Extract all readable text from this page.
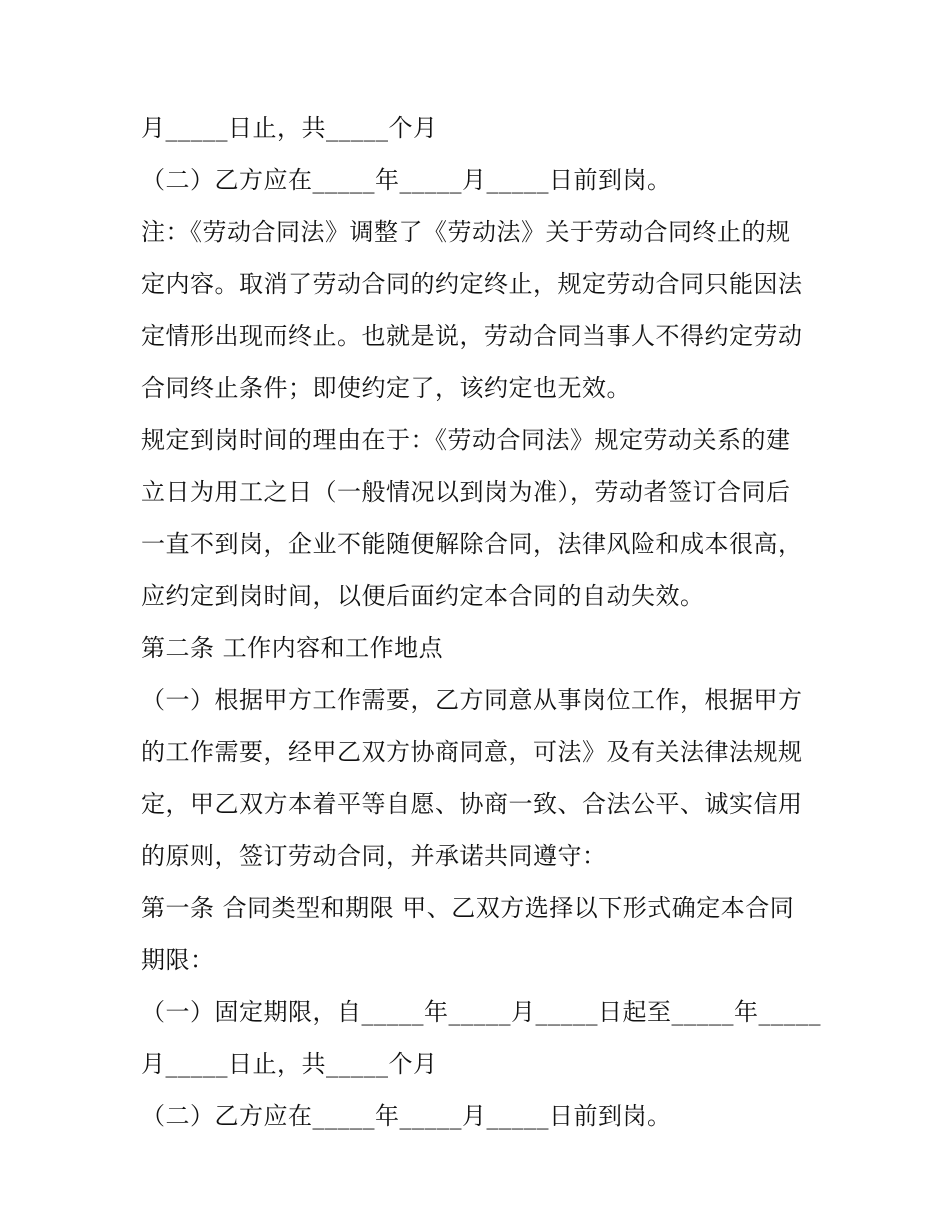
月_____日止，共_____个月
（二）乙方应在_____年_____月_____日前到岗。
注：《劳动合同法》调整了《劳动法》关于劳动合同终止的规
定内容。取消了劳动合同的约定终止，规定劳动合同只能因法
定情形出现而终止。也就是说，劳动合同当事人不得约定劳动
合同终止条件；即使约定了，该约定也无效。
规定到岗时间的理由在于：《劳动合同法》规定劳动关系的建
立日为用工之日（一般情况以到岗为准），劳动者签订合同后
一直不到岗，企业不能随便解除合同，法律风险和成本很高，
应约定到岗时间，以便后面约定本合同的自动失效。
第二条 工作内容和工作地点
（一）根据甲方工作需要，乙方同意从事岗位工作，根据甲方
的工作需要，经甲乙双方协商同意，可法》及有关法律法规规
定，甲乙双方本着平等自愿、协商一致、合法公平、诚实信用
的原则，签订劳动合同，并承诺共同遵守：
第一条 合同类型和期限 甲、乙双方选择以下形式确定本合同
期限：
（一）固定期限，自_____年_____月_____日起至_____年_____
月_____日止，共_____个月
（二）乙方应在_____年_____月_____日前到岗。
